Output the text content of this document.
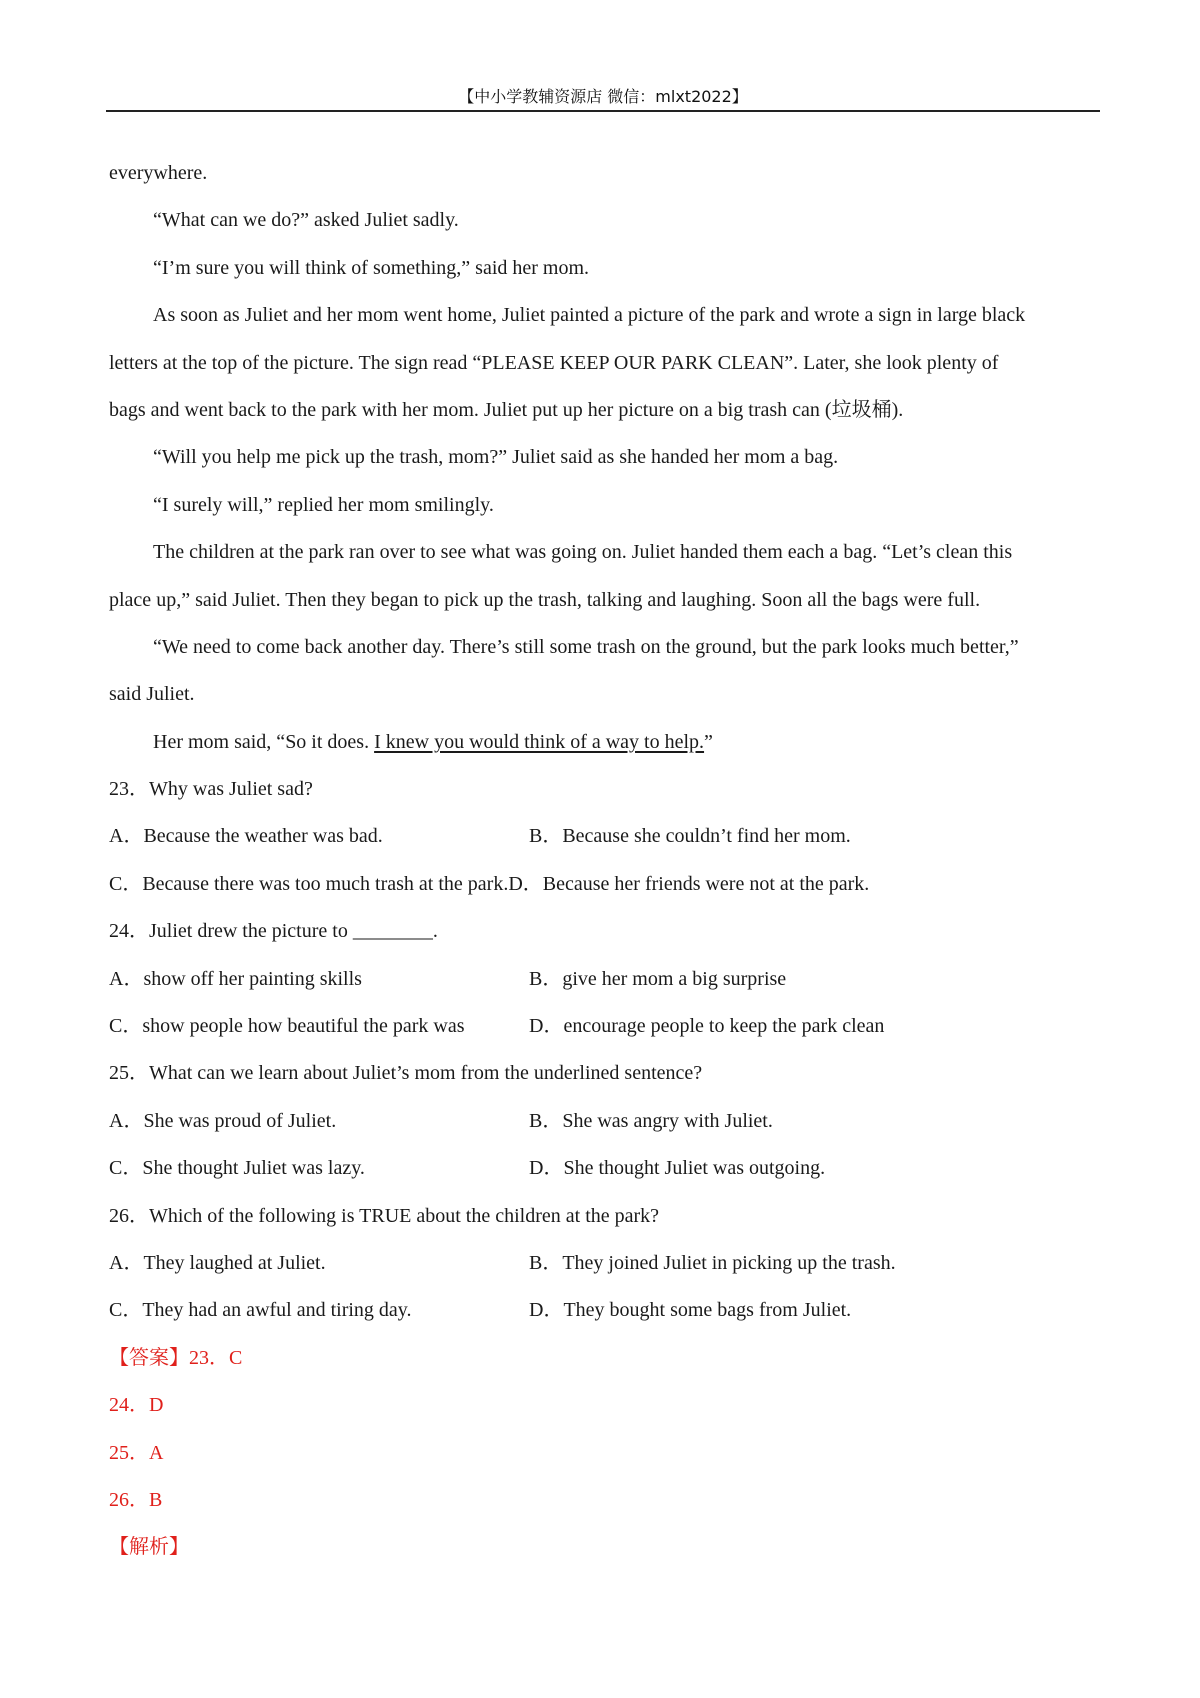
【中小学教辅资源店 微信：mlxt2022】
everywhere.
“What can we do?” asked Juliet sadly.
“I’m sure you will think of something,” said her mom.
As soon as Juliet and her mom went home, Juliet painted a picture of the park and wrote a sign in large black
letters at the top of the picture. The sign read “PLEASE KEEP OUR PARK CLEAN”. Later, she look plenty of
bags and went back to the park with her mom. Juliet put up her picture on a big trash can (垃圾桶).
“Will you help me pick up the trash, mom?” Juliet said as she handed her mom a bag.
“I surely will,” replied her mom smilingly.
The children at the park ran over to see what was going on. Juliet handed them each a bag. “Let’s clean this
place up,” said Juliet. Then they began to pick up the trash, talking and laughing. Soon all the bags were full.
“We need to come back another day. There’s still some trash on the ground, but the park looks much better,”
said Juliet.
Her mom said, “So it does. I knew you would think of a way to help.”
23．Why was Juliet sad?
A．Because the weather was bad.	B．Because she couldn’t find her mom.
C．Because there was too much trash at the park.D．Because her friends were not at the park.
24．Juliet drew the picture to ________.
A．show off her painting skills	B．give her mom a big surprise
C．show people how beautiful the park was	D．encourage people to keep the park clean
25．What can we learn about Juliet’s mom from the underlined sentence?
A．She was proud of Juliet.	B．She was angry with Juliet.
C．She thought Juliet was lazy.	D．She thought Juliet was outgoing.
26．Which of the following is TRUE about the children at the park?
A．They laughed at Juliet.	B．They joined Juliet in picking up the trash.
C．They had an awful and tiring day.	D．They bought some bags from Juliet.
【答案】23．C
24．D
25．A
26．B
【解析】
